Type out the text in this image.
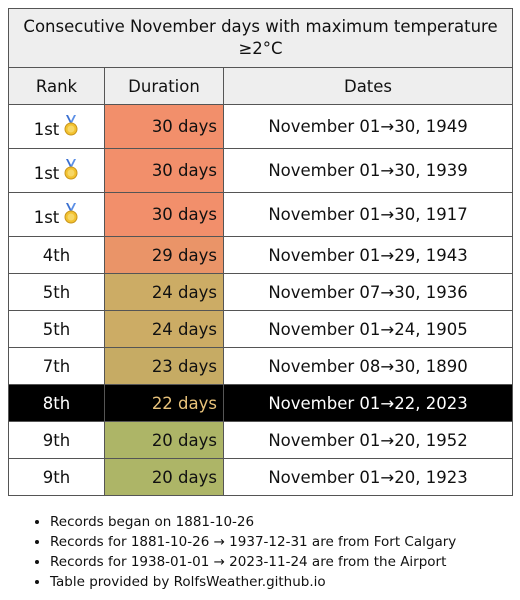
Consecutive November days with maximum temperature ≥2°C		
Rank	Duration	Dates
1st	30 days	November 01→30, 1949
1st	30 days	November 01→30, 1939
1st	30 days	November 01→30, 1917
4th	29 days	November 01→29, 1943
5th	24 days	November 07→30, 1936
5th	24 days	November 01→24, 1905
7th	23 days	November 08→30, 1890
8th	22 days	November 01→22, 2023
9th	20 days	November 01→20, 1952
9th	20 days	November 01→20, 1923
• Records began on 1881-10-26
• Records for 1881-10-26 → 1937-12-31 are from Fort Calgary
• Records for 1938-01-01 → 2023-11-24 are from the Airport
• Table provided by RolfsWeather.github.io
